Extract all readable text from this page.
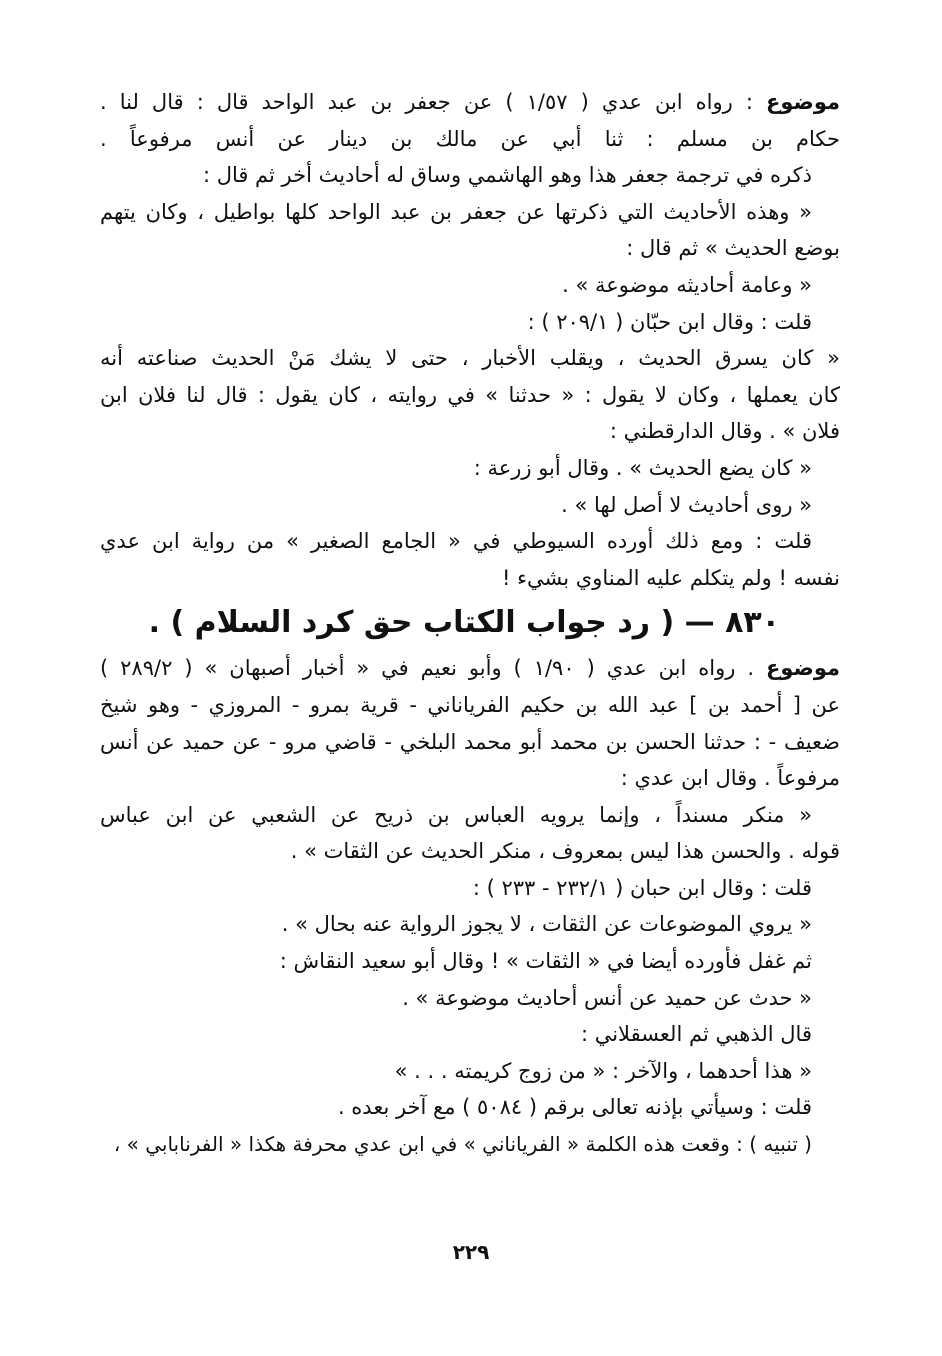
موضوع : رواه ابن عدي ( ١/٥٧ ) عن جعفر بن عبد الواحد قال : قال لنا .
حكام بن مسلم : ثنا أبي عن مالك بن دينار عن أنس مرفوعاً .
ذكره في ترجمة جعفر هذا وهو الهاشمي وساق له أحاديث أخر ثم قال :
« وهذه الأحاديث التي ذكرتها عن جعفر بن عبد الواحد كلها بواطيل ، وكان يتهم
بوضع الحديث » ثم قال :
« وعامة أحاديثه موضوعة » .
قلت : وقال ابن حبّان ( ٢٠٩/١ ) :
« كان يسرق الحديث ، ويقلب الأخبار ، حتى لا يشك مَنْ الحديث صناعته أنه
كان يعملها ، وكان لا يقول : « حدثنا » في روايته ، كان يقول : قال لنا فلان ابن
فلان » . وقال الدارقطني :
« كان يضع الحديث » . وقال أبو زرعة :
« روى أحاديث لا أصل لها » .
قلت : ومع ذلك أورده السيوطي في « الجامع الصغير » من رواية ابن عدي
نفسه ! ولم يتكلم عليه المناوي بشيء !
٨٣٠ — ( رد جواب الكتاب حق كرد السلام ) .
موضوع . رواه ابن عدي ( ١/٩٠ ) وأبو نعيم في « أخبار أصبهان » ( ٢٨٩/٢ )
عن [ أحمد بن ] عبد الله بن حكيم الفرياناني - قرية بمرو - المروزي - وهو شيخ
ضعيف - : حدثنا الحسن بن محمد أبو محمد البلخي - قاضي مرو - عن حميد عن أنس
مرفوعاً . وقال ابن عدي :
« منكر مسنداً ، وإنما يرويه العباس بن ذريح عن الشعبي عن ابن عباس
قوله . والحسن هذا ليس بمعروف ، منكر الحديث عن الثقات » .
قلت : وقال ابن حبان ( ٢٣٢/١ - ٢٣٣ ) :
« يروي الموضوعات عن الثقات ، لا يجوز الرواية عنه بحال » .
ثم غفل فأورده أيضا في « الثقات » ! وقال أبو سعيد النقاش :
« حدث عن حميد عن أنس أحاديث موضوعة » .
قال الذهبي ثم العسقلاني :
« هذا أحدهما ، والآخر : « من زوج كريمته . . . »
قلت : وسيأتي بإذنه تعالى برقم ( ٥٠٨٤ ) مع آخر بعده .
( تنبيه ) : وقعت هذه الكلمة « الفرياناني » في ابن عدي محرفة هكذا « الفرنابابي » ،
٢٢٩
